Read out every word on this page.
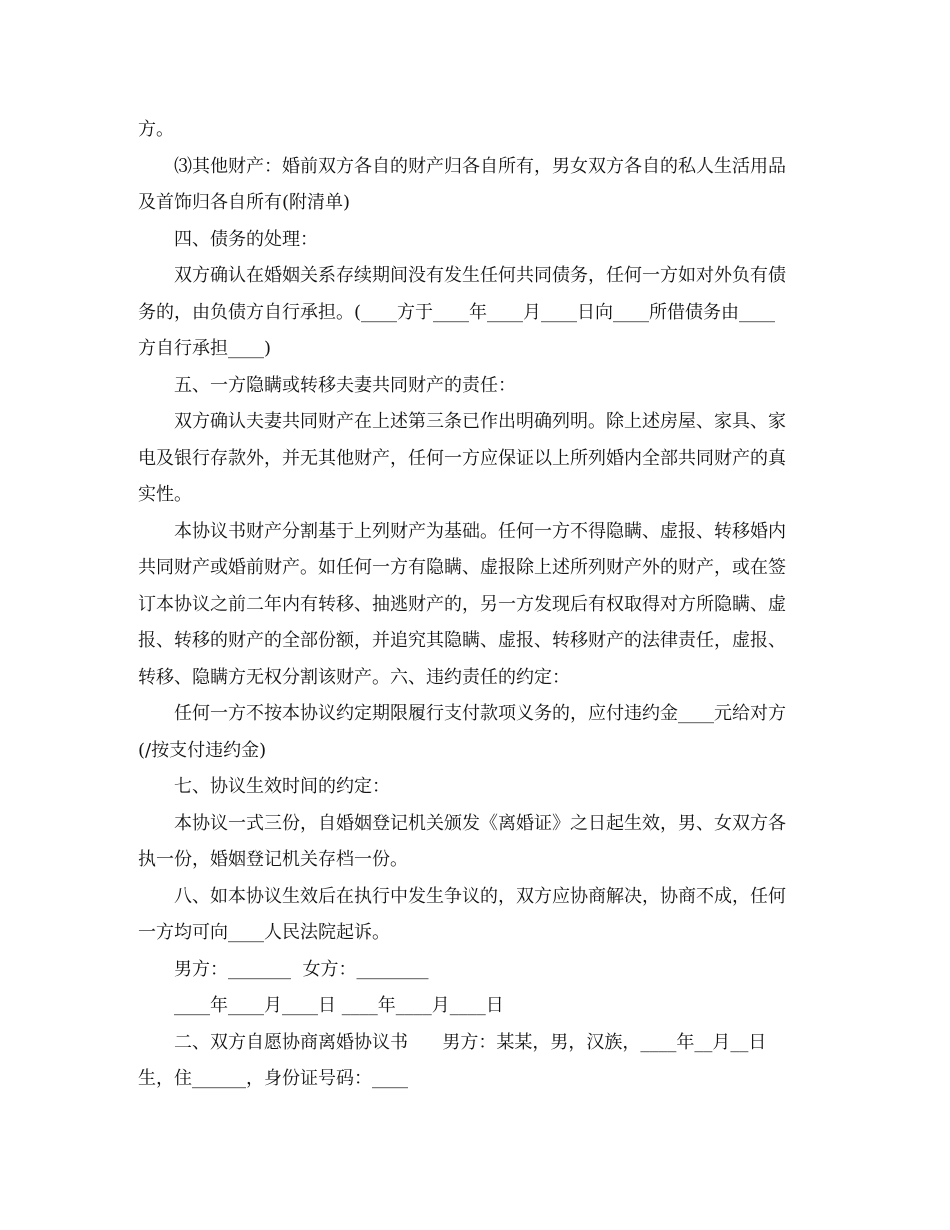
方。
⑶其他财产：婚前双方各自的财产归各自所有，男女双方各自的私人生活用品
及首饰归各自所有(附清单)
四、债务的处理：
双方确认在婚姻关系存续期间没有发生任何共同债务，任何一方如对外负有债
务的，由负债方自行承担。(____方于____年____月____日向____所借债务由____
方自行承担____)
五、一方隐瞒或转移夫妻共同财产的责任：
双方确认夫妻共同财产在上述第三条已作出明确列明。除上述房屋、家具、家
电及银行存款外，并无其他财产，任何一方应保证以上所列婚内全部共同财产的真
实性。
本协议书财产分割基于上列财产为基础。任何一方不得隐瞒、虚报、转移婚内
共同财产或婚前财产。如任何一方有隐瞒、虚报除上述所列财产外的财产，或在签
订本协议之前二年内有转移、抽逃财产的，另一方发现后有权取得对方所隐瞒、虚
报、转移的财产的全部份额，并追究其隐瞒、虚报、转移财产的法律责任，虚报、
转移、隐瞒方无权分割该财产。六、违约责任的约定：
任何一方不按本协议约定期限履行支付款项义务的，应付违约金____元给对方
(/按支付违约金)
七、协议生效时间的约定：
本协议一式三份，自婚姻登记机关颁发《离婚证》之日起生效，男、女双方各
执一份，婚姻登记机关存档一份。
八、如本协议生效后在执行中发生争议的，双方应协商解决，协商不成，任何
一方均可向____人民法院起诉。
男方：_______  女方：________
____年____月____日 ____年____月____日
二、双方自愿协商离婚协议书      男方：某某，男，汉族，____年__月__日
生，住______，身份证号码：____
